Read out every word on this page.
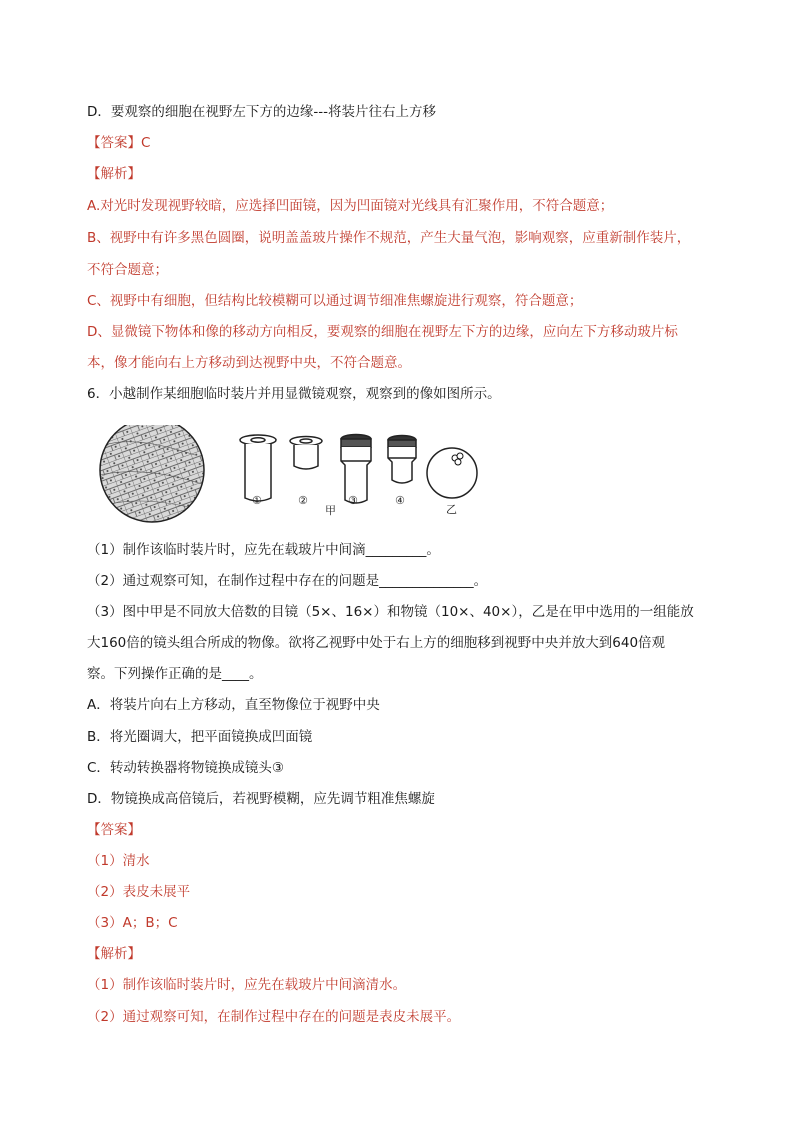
D．要观察的细胞在视野左下方的边缘---将装片往右上方移
【答案】C
【解析】
A.对光时发现视野较暗，应选择凹面镜，因为凹面镜对光线具有汇聚作用，不符合题意；
B、视野中有许多黑色圆圈，说明盖盖玻片操作不规范，产生大量气泡，影响观察，应重新制作装片，
不符合题意；
C、视野中有细胞，但结构比较模糊可以通过调节细准焦螺旋进行观察，符合题意；
D、显微镜下物体和像的移动方向相反，要观察的细胞在视野左下方的边缘，应向左下方移动玻片标
本，像才能向右上方移动到达视野中央，不符合题意。
6．小越制作某细胞临时装片并用显微镜观察，观察到的像如图所示。
①	②	③	④
甲	乙
（1）制作该临时装片时，应先在载玻片中间滴_________。
（2）通过观察可知，在制作过程中存在的问题是______________。
（3）图中甲是不同放大倍数的目镜（5×、16×）和物镜（10×、40×），乙是在甲中选用的一组能放
大160倍的镜头组合所成的物像。欲将乙视野中处于右上方的细胞移到视野中央并放大到640倍观
察。下列操作正确的是____。
A．将装片向右上方移动，直至物像位于视野中央
B．将光圈调大，把平面镜换成凹面镜
C．转动转换器将物镜换成镜头③
D．物镜换成高倍镜后，若视野模糊，应先调节粗准焦螺旋
【答案】
（1）清水
（2）表皮未展平
（3）A；B；C
【解析】
（1）制作该临时装片时，应先在载玻片中间滴清水。
（2）通过观察可知，在制作过程中存在的问题是表皮未展平。
